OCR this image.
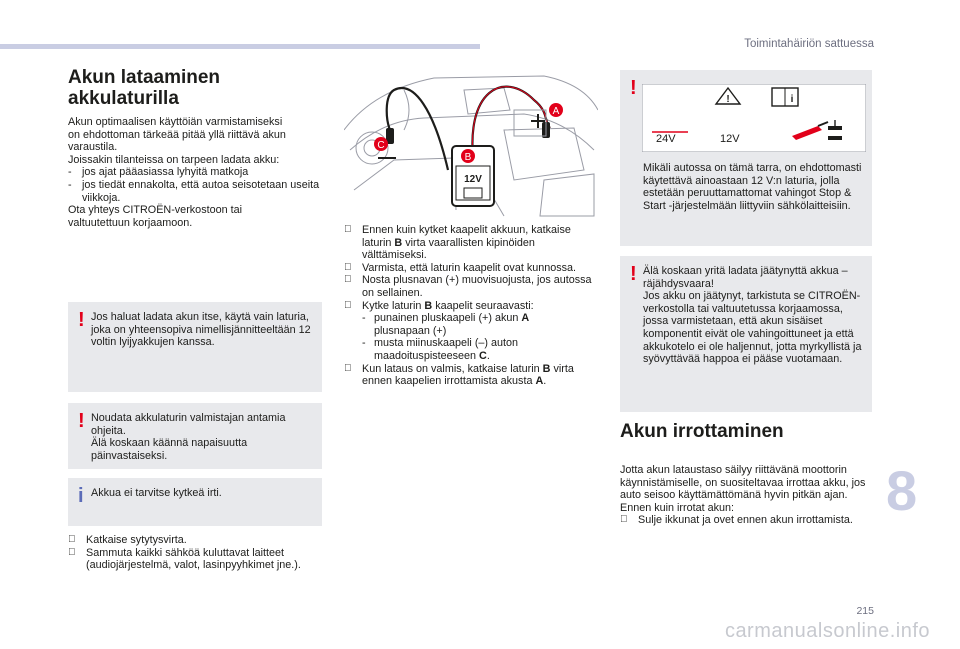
Toimintahäiriön sattuessa
Akun lataaminen
akkulaturilla

Akun optimaalisen käyttöiän varmistamiseksi

on ehdottoman tärkeää pitää yllä riittävä akun

varaustila.

Joissakin tilanteissa on tarpeen ladata akku:

- jos ajat pääasiassa lyhyitä matkoja
- jos tiedät ennakolta, että autoa seisotetaan useita viikkoja.

Ota yhteys CITROËN-verkostoon tai

valtuutettuun korjaamoon.

! Jos haluat ladata akun itse, käytä vain laturia, joka on yhteensopiva nimellisjännitteeltään 12 voltin lyijyakkujen kanssa.

! Noudata akkulaturin valmistajan antamia ohjeita.

Älä koskaan käännä napaisuutta päinvastaiseksi.

i Akkua ei tarvitse kytkeä irti.

Katkaise sytytysvirta.
Sammuta kaikki sähköä kuluttavat laitteet (audiojärjestelmä, valot, lasinpyyhkimet jne.).
12V
A
B
C
Ennen kuin kytket kaapelit akkuun, katkaise laturin B virta vaarallisten kipinöiden välttämiseksi.
Varmista, että laturin kaapelit ovat kunnossa.
Nosta plusnavan (+) muovisuojusta, jos autossa on sellainen.
Kytke laturin B kaapelit seuraavasti:
- punainen pluskaapeli (+) akun A
plusnapaan (+)
- musta miinuskaapeli (–) auton maadoituspisteeseen C.
Kun lataus on valmis, katkaise laturin B virta ennen kaapelien irrottamista akusta A.
!
!	i
24V	12V

Mikäli autossa on tämä tarra, on ehdottomasti käytettävä ainoastaan 12 V:n laturia, jolla estetään peruuttamattomat vahingot Stop & Start -järjestelmään liittyviin sähkölaitteisiin.

! Älä koskaan yritä ladata jäätynyttä akkua – räjähdysvaara!

Jos akku on jäätynyt, tarkistuta se CITROËN-verkostolla tai valtuutetussa korjaamossa, jossa varmistetaan, että akun sisäiset komponentit eivät ole vahingoittuneet ja että akkukotelo ei ole haljennut, jotta myrkyllistä ja syövyttävää happoa ei pääse vuotamaan.

Akun irrottaminen

Jotta akun lataustaso säilyy riittävänä moottorin käynnistämiselle, on suositeltavaa irrottaa akku, jos auto seisoo käyttämättömänä hyvin pitkän ajan.

Ennen kuin irrotat akun:

Sulje ikkunat ja ovet ennen akun irrottamista. 8
215
carmanualsonline.info
